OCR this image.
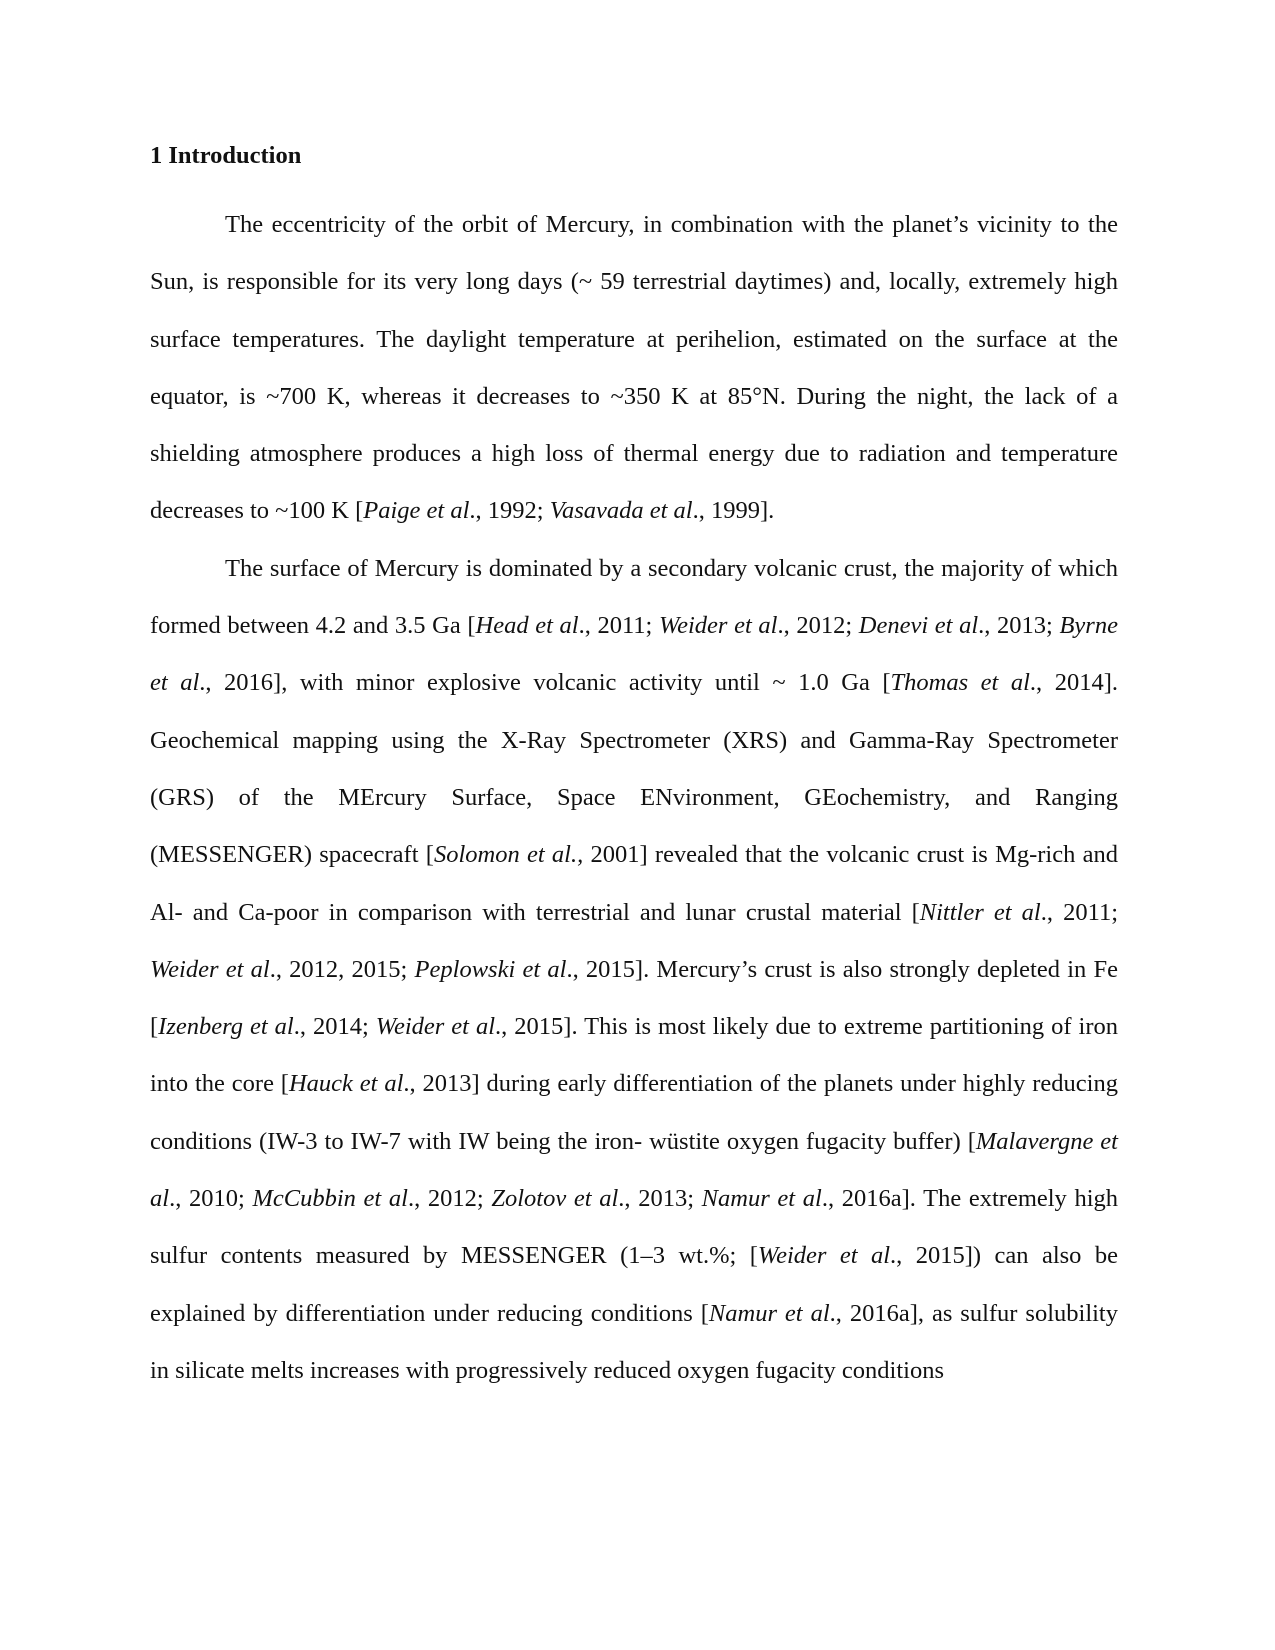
1 Introduction

The eccentricity of the orbit of Mercury, in combination with the planet’s vicinity to the Sun, is responsible for its very long days (~ 59 terrestrial daytimes) and, locally, extremely high surface temperatures. The daylight temperature at perihelion, estimated on the surface at the equator, is ~700 K, whereas it decreases to ~350 K at 85°N. During the night, the lack of a shielding atmosphere produces a high loss of thermal energy due to radiation and temperature decreases to ~100 K [Paige et al., 1992; Vasavada et al., 1999].

The surface of Mercury is dominated by a secondary volcanic crust, the majority of which formed between 4.2 and 3.5 Ga [Head et al., 2011; Weider et al., 2012; Denevi et al., 2013; Byrne et al., 2016], with minor explosive volcanic activity until ~ 1.0 Ga [Thomas et al., 2014]. Geochemical mapping using the X-Ray Spectrometer (XRS) and Gamma-Ray Spectrometer (GRS) of the MErcury Surface, Space ENvironment, GEochemistry, and Ranging (MESSENGER) spacecraft [Solomon et al., 2001] revealed that the volcanic crust is Mg-rich and Al- and Ca-poor in comparison with terrestrial and lunar crustal material [Nittler et al., 2011; Weider et al., 2012, 2015; Peplowski et al., 2015]. Mercury’s crust is also strongly depleted in Fe [Izenberg et al., 2014; Weider et al., 2015]. This is most likely due to extreme partitioning of iron into the core [Hauck et al., 2013] during early differentiation of the planets under highly reducing conditions (IW-3 to IW-7 with IW being the iron- wüstite oxygen fugacity buffer) [Malavergne et al., 2010; McCubbin et al., 2012; Zolotov et al., 2013; Namur et al., 2016a]. The extremely high sulfur contents measured by MESSENGER (1–3 wt.%; [Weider et al., 2015]) can also be explained by differentiation under reducing conditions [Namur et al., 2016a], as sulfur solubility in silicate melts increases with progressively reduced oxygen fugacity conditions
